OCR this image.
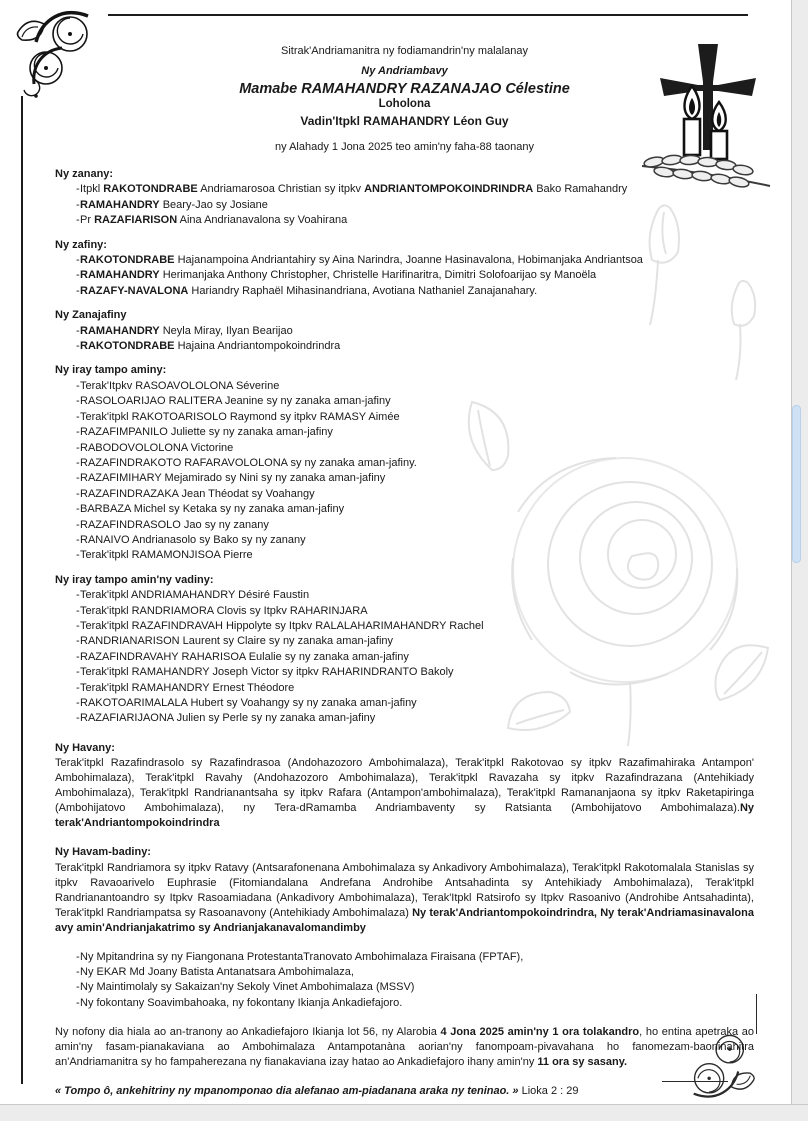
Sitrak'Andriamanitra ny fodiamandrin'ny malalanay
Ny Andriambavy
Mamabe RAMAHANDRY RAZANAJAO Célestine
Loholona
Vadin'Itpkl RAMAHANDRY Léon Guy
ny Alahady 1 Jona 2025 teo amin'ny faha-88 taonany
Ny zanany:
- Itpkl RAKOTONDRABE Andriamarosoa Christian sy itpkv ANDRIANTOMPOKOINDRINDRA Bako Ramahandry
- RAMAHANDRY Beary-Jao sy Josiane
- Pr RAZAFIARISON Aina Andrianavalona sy Voahirana
Ny zafiny:
- RAKOTONDRABE Hajanampoina Andriantahiry sy Aina Narindra, Joanne Hasinavalona, Hobimanjaka Andriantsoa
- RAMAHANDRY Herimanjaka Anthony Christopher, Christelle Harifinaritra, Dimitri Solofoarijao sy Manoëla
- RAZAFY-NAVALONA Hariandry Raphaël Mihasinandriana, Avotiana Nathaniel Zanajanahary.
Ny Zanajafiny
- RAMAHANDRY Neyla Miray, Ilyan Bearijao
- RAKOTONDRABE Hajaina Andriantompokoindrindra
Ny iray tampo aminy:
- Terak'Itpkv RASOAVOLOLONA Séverine
- RASOLOARIJAO RALITERA Jeanine sy ny zanaka aman-jafiny
- Terak'itpkl RAKOTOARISOLO Raymond sy itpkv RAMASY Aimée
- RAZAFIMPANILO Juliette sy ny zanaka aman-jafiny
- RABODOVOLOLONA Victorine
- RAZAFINDRAKOTO RAFARAVOLOLONA sy ny zanaka aman-jafiny.
- RAZAFIMIHARY Mejamirado sy Nini sy ny zanaka aman-jafiny
- RAZAFINDRAZAKA Jean Théodat sy Voahangy
- BARBAZA Michel sy Ketaka sy ny zanaka aman-jafiny
- RAZAFINDRASOLO Jao sy ny zanany
- RANAIVO Andrianasolo sy Bako sy ny zanany
- Terak'itpkl RAMAMONJISOA Pierre
Ny iray tampo amin'ny vadiny:
- Terak'itpkl ANDRIAMAHANDRY Désiré Faustin
- Terak'itpkl RANDRIAMORA Clovis sy Itpkv RAHARINJARA
- Terak'itpkl RAZAFINDRAVAH Hippolyte sy Itpkv RALALAHARIMAHANDRY Rachel
- RANDRIANARISON Laurent sy Claire sy ny zanaka aman-jafiny
- RAZAFINDRAVAHY RAHARISOA Eulalie sy ny zanaka aman-jafiny
- Terak'itpkl RAMAHANDRY Joseph Victor sy itpkv RAHARINDRANTO Bakoly
- Terak'itpkl RAMAHANDRY Ernest Théodore
- RAKOTOARIMALALA Hubert sy Voahangy sy ny zanaka aman-jafiny
- RAZAFIARIJAONA Julien sy Perle sy ny zanaka aman-jafiny
Ny Havany:
Terak'itpkl Razafindrasolo sy Razafindrasoa (Andohazozoro Ambohimalaza), Terak'itpkl Rakotovao sy itpkv Razafimahiraka Antampon' Ambohimalaza), Terak'itpkl Ravahy (Andohazozoro Ambohimalaza), Terak'itpkl Ravazaha sy itpkv Razafindrazana (Antehikiady Ambohimalaza), Terak'itpkl Randrianantsaha sy itpkv Rafara (Antampon'ambohimalaza), Terak'itpkl Ramananjaona sy itpkv Raketapiringa (Ambohijatovo Ambohimalaza), ny Tera-dRamamba Andriambaventy sy Ratsianta (Ambohijatovo Ambohimalaza).Ny terak'Andriantompokoindrindra
Ny Havam-badiny:
Terak'itpkl Randriamora sy itpkv Ratavy (Antsarafonenana Ambohimalaza sy Ankadivory Ambohimalaza), Terak'itpkl Rakotomalala Stanislas sy itpkv Ravaoarivelo Euphrasie (Fitomiandalana Andrefana Androhibe Antsahadinta sy Antehikiady Ambohimalaza), Terak'itpkl Randrianantoandro sy Itpkv Rasoamiadana (Ankadivory Ambohimalaza), Terak'Itpkl Ratsirofo sy Itpkv Rasoanivo (Androhibe Antsahadinta), Terak'itpkl Randriampatsa sy Rasoanavony (Antehikiady Ambohimalaza) Ny terak'Andriantompokoindrindra, Ny terak'Andriamasinavalona avy amin'Andrianjakatrimo sy Andrianjakanavalomandimby
- Ny Mpitandrina sy ny Fiangonana ProtestantaTranovato Ambohimalaza Firaisana (FPTAF),
- Ny EKAR Md Joany Batista Antanatsara Ambohimalaza,
- Ny Maintimolaly sy Sakaizan'ny Sekoly Vinet Ambohimalaza (MSSV)
- Ny fokontany Soavimbahoaka, ny fokontany Ikianja Ankadiefajoro.
Ny nofony dia hiala ao an-tranony ao Ankadiefajoro Ikianja lot 56, ny Alarobia 4 Jona 2025 amin'ny 1 ora tolakandro, ho entina apetraka ao amin'ny fasam-pianakaviana ao Ambohimalaza Antampotanàna aorian'ny fanompoam-pivavahana ho fanomezam-baoninahitra an'Andriamanitra sy ho fampaherezana ny fianakaviana izay hatao ao Ankadiefajoro ihany amin'ny 11 ora sy sasany.
« Tompo ô, ankehitriny ny mpanomponao dia alefanao am-piadanana araka ny teninao. » Lioka 2 : 29
